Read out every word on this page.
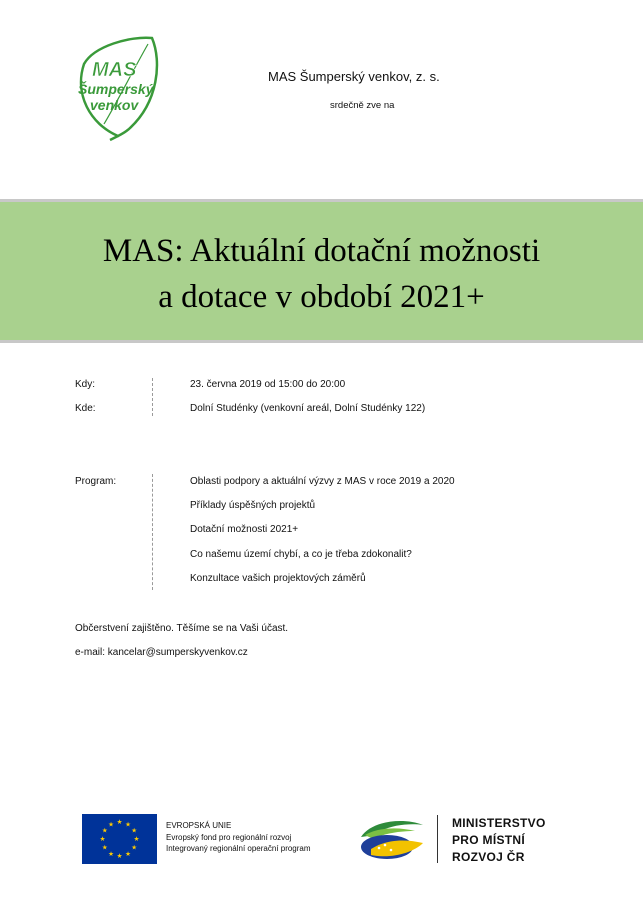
MAS
Šumperský
venkov
MAS Šumperský venkov, z. s.
srdečně zve na
MAS: Aktuální dotační možnosti
a dotace v období 2021+
Kdy:	23. června 2019 od 15:00 do 20:00
Kde:	Dolní Studénky (venkovní areál, Dolní Studénky 122)
Program:	Oblasti podpory a aktuální výzvy z MAS v roce 2019 a 2020
Příklady úspěšných projektů
Dotační možnosti 2021+
Co našemu území chybí, a co je třeba zdokonalit?
Konzultace vašich projektových záměrů
Občerstvení zajištěno. Těšíme se na Vaši účast.
e-mail: kancelar@sumperskyvenkov.cz
★ ★
★
★
★
★
★
★
★
★
★
★	EVROPSKÁ UNIE
Evropský fond pro regionální rozvoj
Integrovaný regionální operační program
MINISTERSTVO
PRO MÍSTNÍ
ROZVOJ ČR
